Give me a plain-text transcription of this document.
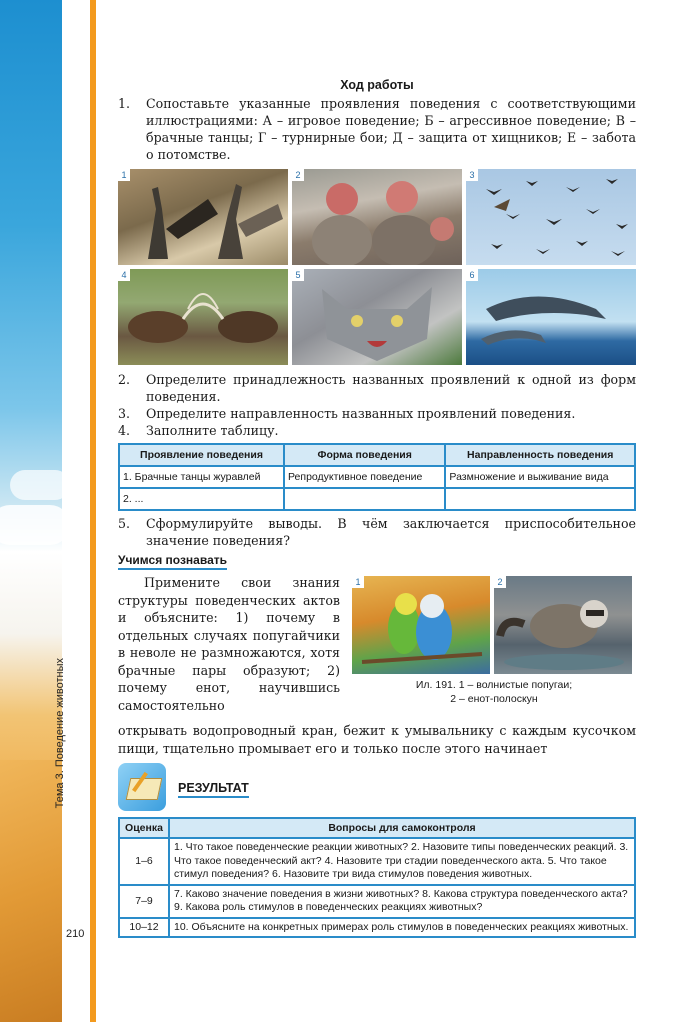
Тема 3. Поведение животных
210
Ход работы
1.	Сопоставьте указанные проявления поведения с соответствующими иллюстрациями: А – игровое поведение; Б – агрессивное поведение; В – брачные танцы; Г – турнирные бои; Д – защита от хищников; Е – забота о потомстве.
1	2	3
4	5	6
2.	Определите принадлежность названных проявлений к одной из форм поведения.
3.	Определите направленность названных проявлений поведения.
4.	Заполните таблицу.
Проявление поведения	Форма поведения	Направленность поведения
1. Брачные танцы журавлей	Репродуктивное поведение	Размножение и выживание вида
2. ...		
5.	Сформулируйте выводы. В чём заключается приспособительное значение поведения?
Учимся познавать

Примените свои знания структуры поведенческих актов и объясните: 1) почему в отдельных случаях попугайчики в неволе не размножаются, хотя брачные пары образуют; 2) почему енот, научившись самостоятельно

1	2
Ил. 191. 1 – волнистые попугаи;
2 – енот-полоскун
открывать водопроводный кран, бежит к умывальнику с каждым кусочком пищи, тщательно промывает его и только после этого начинает
РЕЗУЛЬТАТ
Оценка	Вопросы для самоконтроля
1–6	1. Что такое поведенческие реакции животных? 2. Назовите типы поведенческих реакций. 3. Что такое поведенческий акт? 4. Назовите три стадии поведенческого акта. 5. Что такое стимул поведения? 6. Назовите три вида стимулов поведения животных.
7–9	7. Каково значение поведения в жизни животных? 8. Какова структура поведенческого акта? 9. Какова роль стимулов в поведенческих реакциях животных?
10–12	10. Объясните на конкретных примерах роль стимулов в поведенческих реакциях животных.
